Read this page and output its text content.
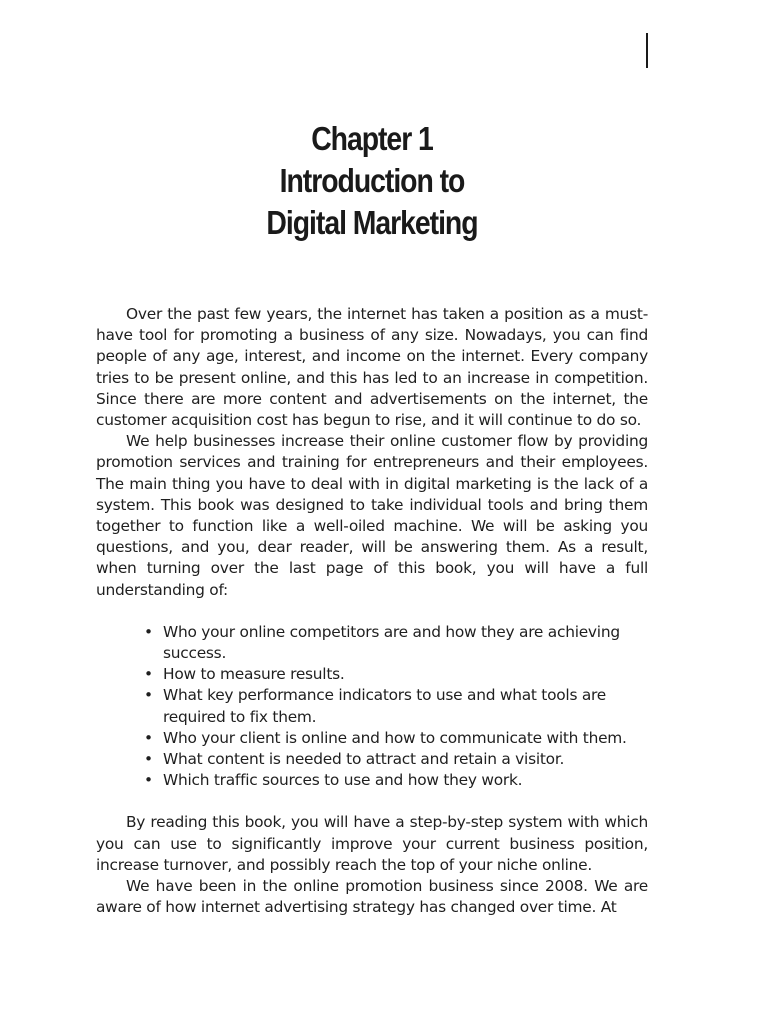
Chapter 1
Introduction to
Digital Marketing

Over the past few years, the internet has taken a position as a must-have tool for promoting a business of any size. Nowadays, you can find people of any age, interest, and income on the internet. Every company tries to be present online, and this has led to an increase in competition. Since there are more content and advertisements on the internet, the customer acquisition cost has begun to rise, and it will continue to do so.

We help businesses increase their online customer flow by providing promotion services and training for entrepreneurs and their employees. The main thing you have to deal with in digital marketing is the lack of a system. This book was designed to take individual tools and bring them together to function like a well-oiled machine. We will be asking you questions, and you, dear reader, will be answering them. As a result, when turning over the last page of this book, you will have a full understanding of:

• Who your online competitors are and how they are achieving success.
• How to measure results.
• What key performance indicators to use and what tools are required to fix them.
• Who your client is online and how to communicate with them.
• What content is needed to attract and retain a visitor.
• Which traffic sources to use and how they work.

By reading this book, you will have a step-by-step system with which you can use to significantly improve your current business position, increase turnover, and possibly reach the top of your niche online.

We have been in the online promotion business since 2008. We are aware of how internet advertising strategy has changed over time. At
